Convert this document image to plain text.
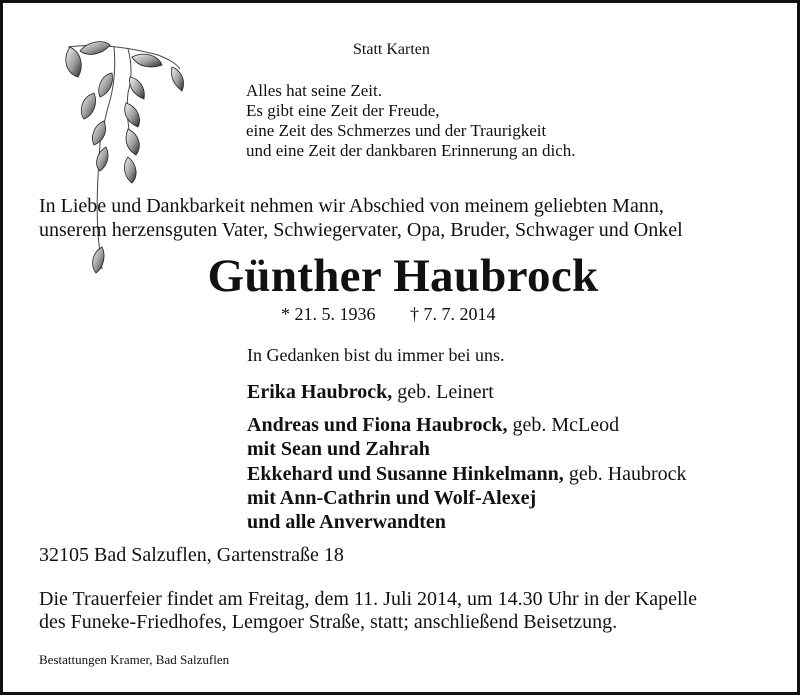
Statt Karten
Alles hat seine Zeit.
Es gibt eine Zeit der Freude,
eine Zeit des Schmerzes und der Traurigkeit
und eine Zeit der dankbaren Erinnerung an dich.
In Liebe und Dankbarkeit nehmen wir Abschied von meinem geliebten Mann,
unserem herzensguten Vater, Schwiegervater, Opa, Bruder, Schwager und Onkel
Günther Haubrock
* 21. 5. 1936 † 7. 7. 2014
In Gedanken bist du immer bei uns.
Erika Haubrock, geb. Leinert
Andreas und Fiona Haubrock, geb. McLeod
mit Sean und Zahrah
Ekkehard und Susanne Hinkelmann, geb. Haubrock
mit Ann-Cathrin und Wolf-Alexej
und alle Anverwandten
32105 Bad Salzuflen, Gartenstraße 18
Die Trauerfeier findet am Freitag, dem 11. Juli 2014, um 14.30 Uhr in der Kapelle
des Funeke-Friedhofes, Lemgoer Straße, statt; anschließend Beisetzung.
Bestattungen Kramer, Bad Salzuflen
